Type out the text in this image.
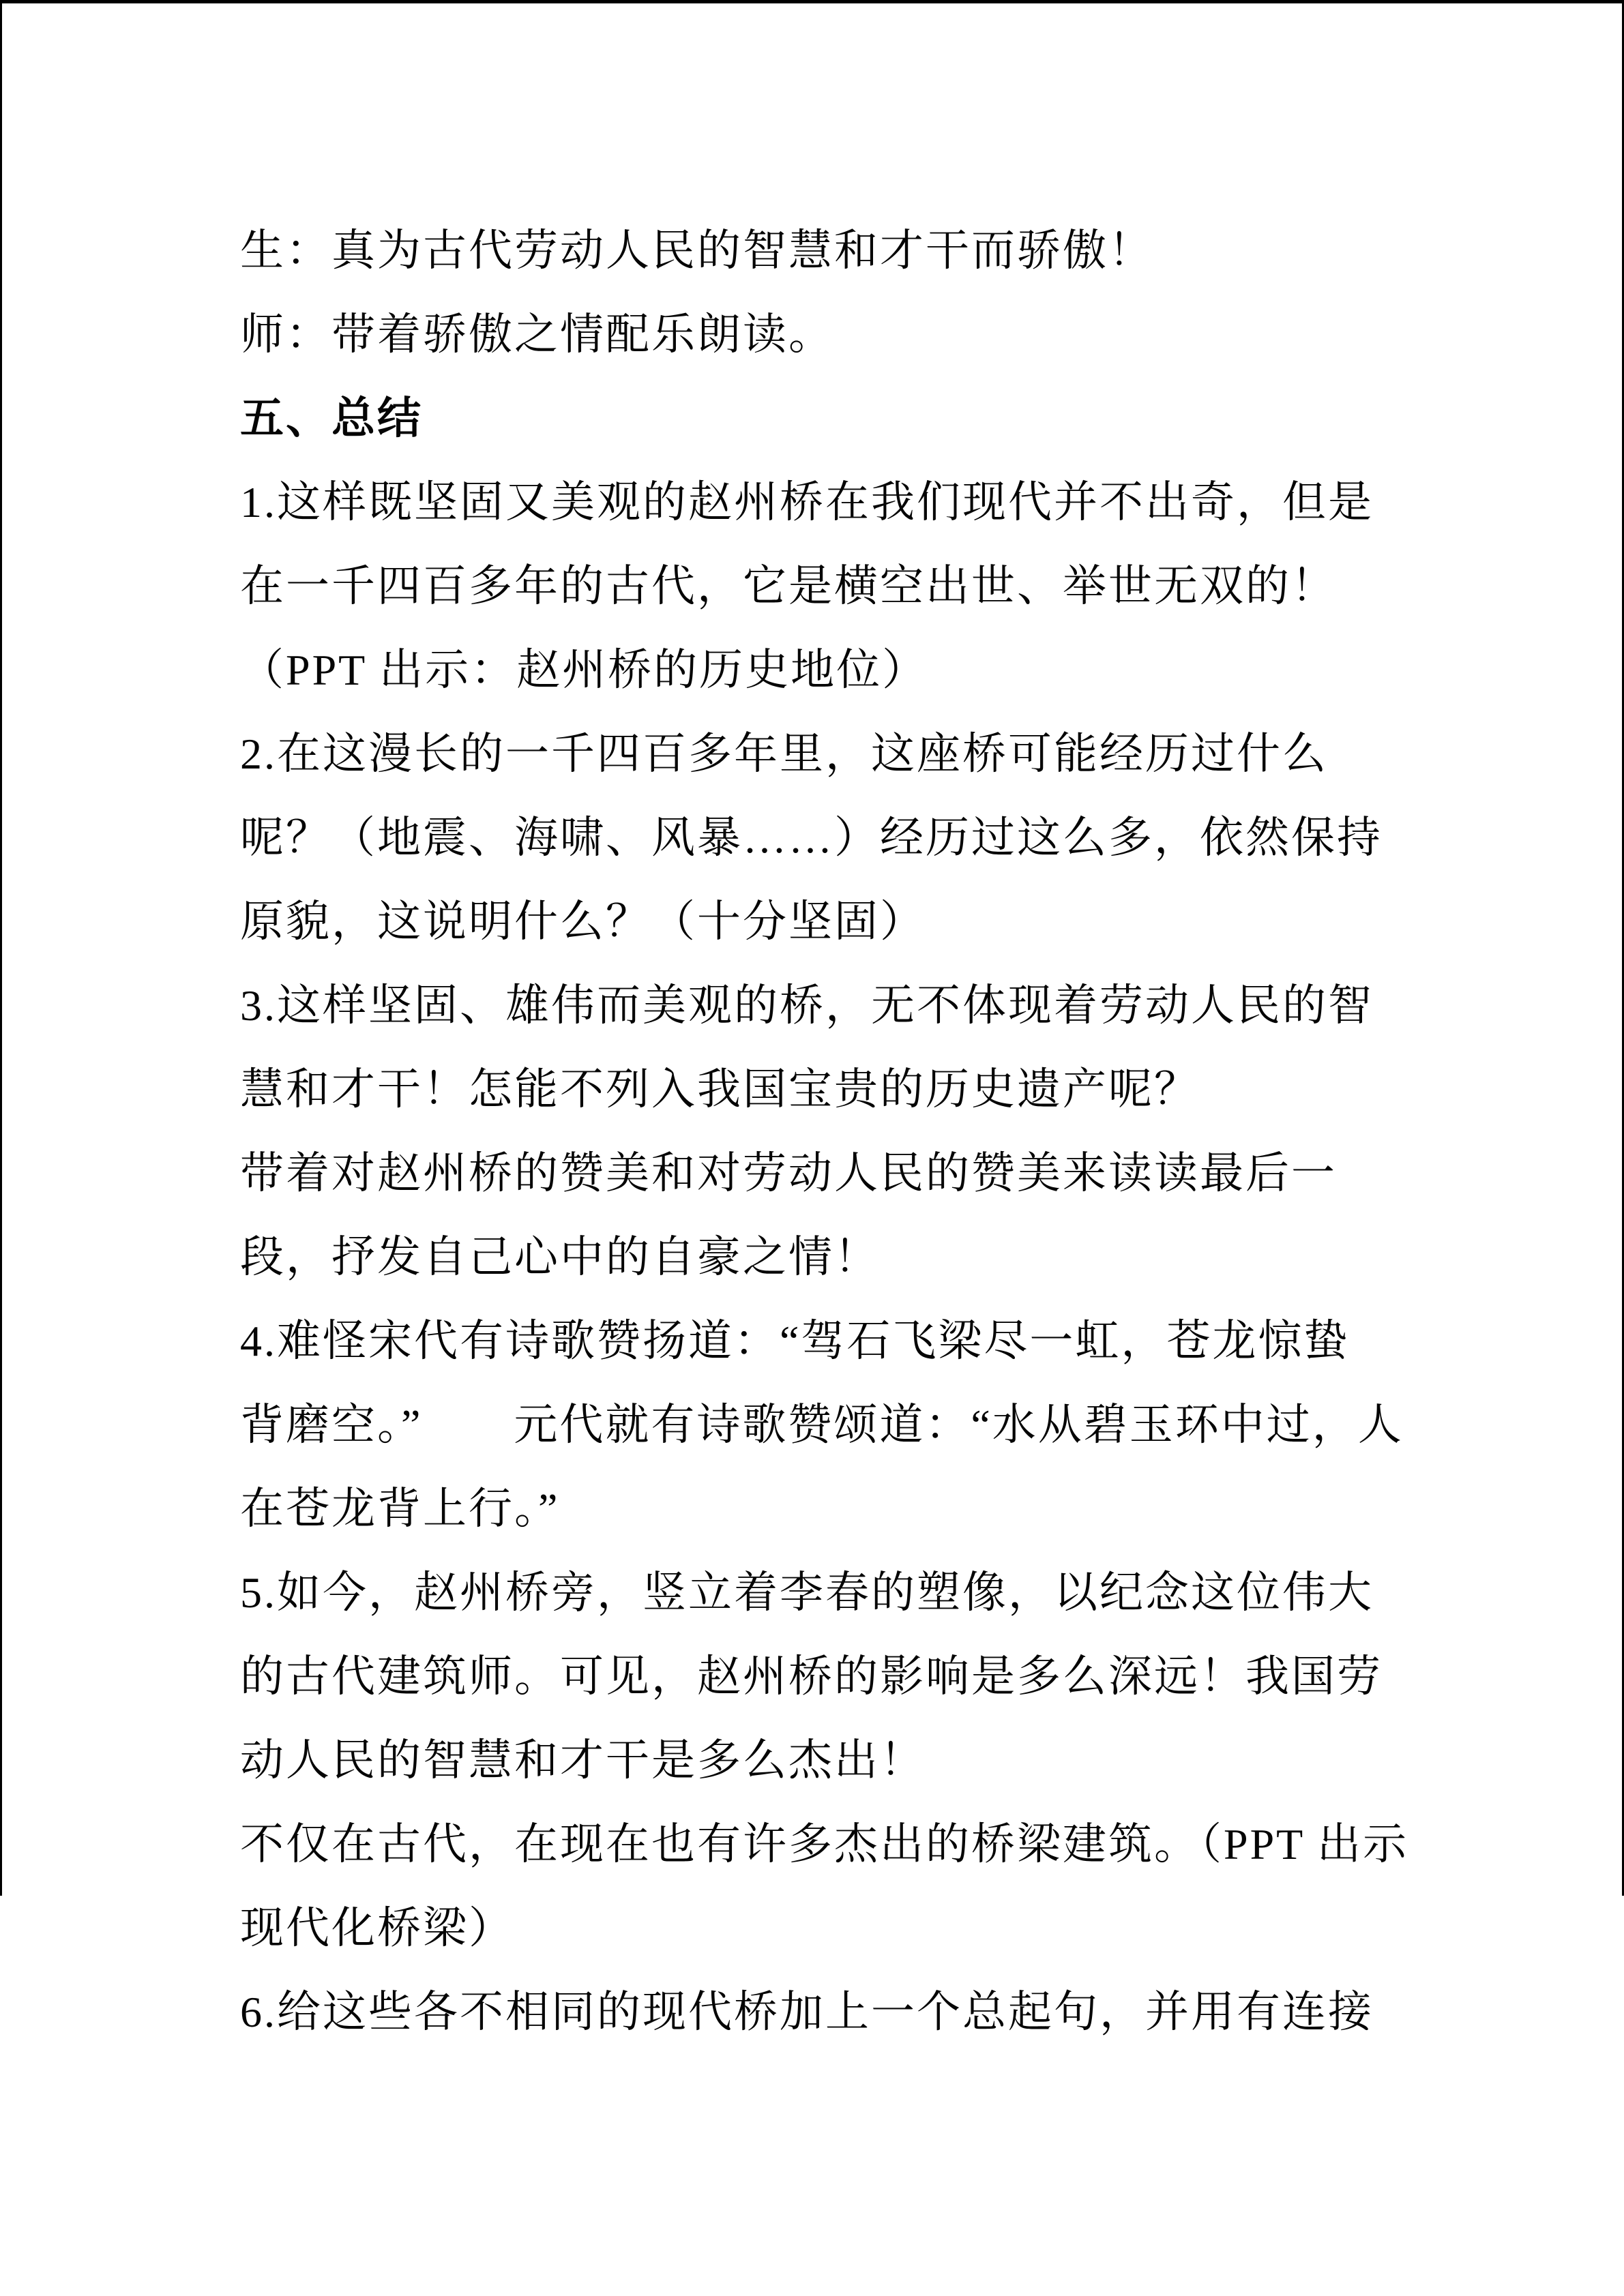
生：真为古代劳动人民的智慧和才干而骄傲！
师：带着骄傲之情配乐朗读。
五、总结
1.这样既坚固又美观的赵州桥在我们现代并不出奇，但是
在一千四百多年的古代，它是横空出世、举世无双的！
（PPT 出示：赵州桥的历史地位）
2.在这漫长的一千四百多年里，这座桥可能经历过什么
呢？（地震、海啸、风暴……）经历过这么多，依然保持
原貌，这说明什么？（十分坚固）
3.这样坚固、雄伟而美观的桥，无不体现着劳动人民的智
慧和才干！怎能不列入我国宝贵的历史遗产呢？
带着对赵州桥的赞美和对劳动人民的赞美来读读最后一
段，抒发自己心中的自豪之情！
4.难怪宋代有诗歌赞扬道：“驾石飞梁尽一虹，苍龙惊蛰
背磨空。”　　元代就有诗歌赞颂道：“水从碧玉环中过，人
在苍龙背上行。”
5.如今，赵州桥旁，竖立着李春的塑像，以纪念这位伟大
的古代建筑师。可见，赵州桥的影响是多么深远！我国劳
动人民的智慧和才干是多么杰出！
不仅在古代，在现在也有许多杰出的桥梁建筑。（PPT 出示
现代化桥梁）
6.给这些各不相同的现代桥加上一个总起句，并用有连接
